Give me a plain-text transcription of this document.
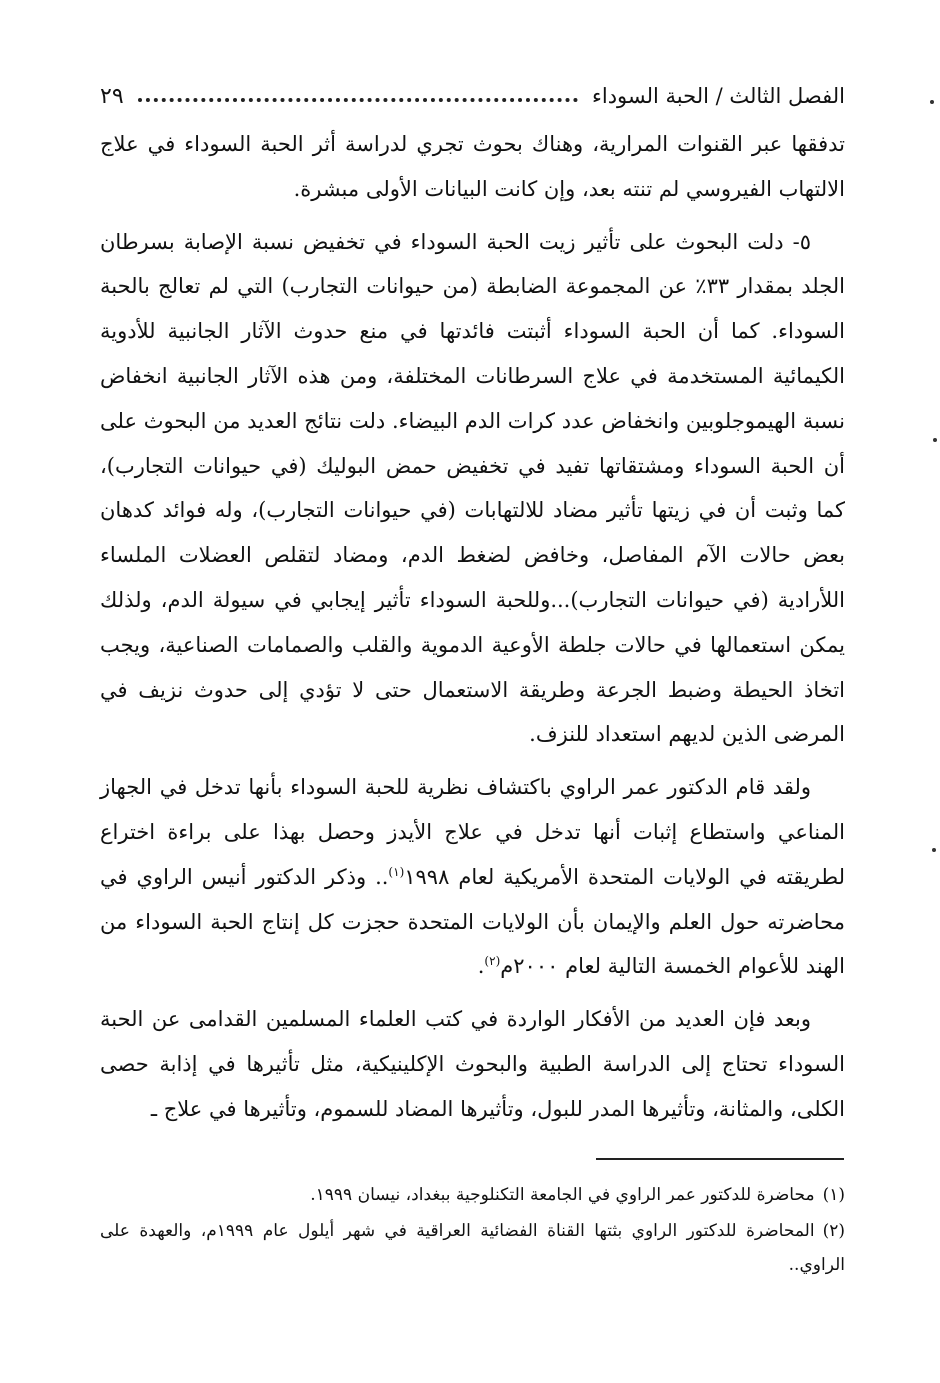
الفصل الثالث / الحبة السوداء
٢٩

تدفقها عبر القنوات المرارية، وهناك بحوث تجري لدراسة أثر الحبة السوداء في علاج الالتهاب الفيروسي لم تنته بعد، وإن كانت البيانات الأولى مبشرة.

٥- دلت البحوث على تأثير زيت الحبة السوداء في تخفيض نسبة الإصابة بسرطان الجلد بمقدار ٣٣٪ عن المجموعة الضابطة (من حيوانات التجارب) التي لم تعالج بالحبة السوداء. كما أن الحبة السوداء أثبتت فائدتها في منع حدوث الآثار الجانبية للأدوية الكيمائية المستخدمة في علاج السرطانات المختلفة، ومن هذه الآثار الجانبية انخفاض نسبة الهيموجلوبين وانخفاض عدد كرات الدم البيضاء. دلت نتائج العديد من البحوث على أن الحبة السوداء ومشتقاتها تفيد في تخفيض حمض البوليك (في حيوانات التجارب)، كما وثبت أن في زيتها تأثير مضاد للالتهابات (في حيوانات التجارب)، وله فوائد كدهان بعض حالات الآم المفاصل، وخافض لضغط الدم، ومضاد لتقلص العضلات الملساء اللأرادية (في حيوانات التجارب)...وللحبة السوداء تأثير إيجابي في سيولة الدم، ولذلك يمكن استعمالها في حالات جلطة الأوعية الدموية والقلب والصمامات الصناعية، ويجب اتخاذ الحيطة وضبط الجرعة وطريقة الاستعمال حتى لا تؤدي إلى حدوث نزيف في المرضى الذين لديهم استعداد للنزف.

ولقد قام الدكتور عمر الراوي باكتشاف نظرية للحبة السوداء بأنها تدخل في الجهاز المناعي واستطاع إثبات أنها تدخل في علاج الأيدز وحصل بهذا على براءة اختراع لطريقته في الولايات المتحدة الأمريكية لعام ١٩٩٨$^{(١)}$.. وذكر الدكتور أنيس الراوي في محاضرته حول العلم والإيمان بأن الولايات المتحدة حجزت كل إنتاج الحبة السوداء من الهند للأعوام الخمسة التالية لعام ٢٠٠٠م$^{(٢)}$.

وبعد فإن العديد من الأفكار الواردة في كتب العلماء المسلمين القدامى عن الحبة السوداء تحتاج إلى الدراسة الطبية والبحوث الإكلينيكية، مثل تأثيرها في إذابة حصى الكلى، والمثانة، وتأثيرها المدر للبول، وتأثيرها المضاد للسموم، وتأثيرها في علاج ـ

(١)محاضرة للدكتور عمر الراوي في الجامعة التكنلوجية ببغداد، نيسان ١٩٩٩.

(٢)المحاضرة للدكتور الراوي بثتها القناة الفضائية العراقية في شهر أيلول عام ١٩٩٩م، والعهدة على الراوي..
